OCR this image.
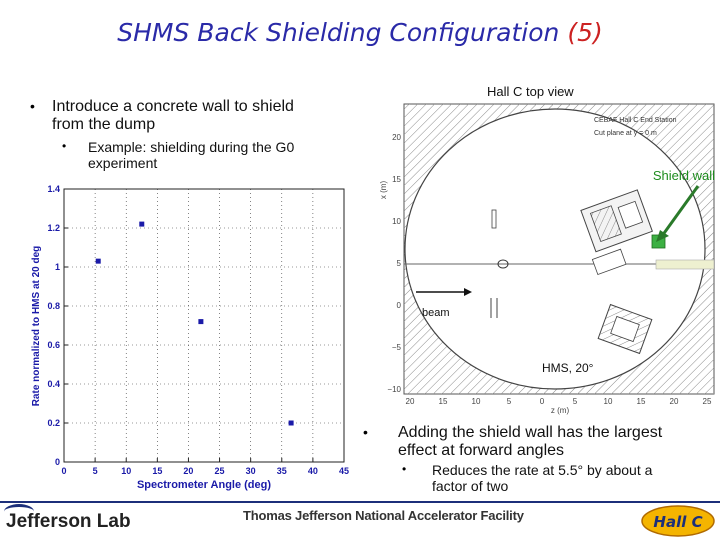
SHMS Back Shielding Configuration (5)
• Introduce a concrete wall to shield
from the dump
• Example: shielding during the G0
experiment
0	5	10 15 20 25 30 35 40 45
0
0.2
0.4
0.6
0.8
1
1.2
1.4
Spectrometer Angle (deg)
Rate normalized to HMS at 20 deg
Hall C top view
20
15
10
5
0
−5
−10
20	15	10	5	0	5	10	15	20	25
x (m)
z (m)
CEBAF Hall C End Station
Cut plane at y = 0 m
beam
Shield wall
HMS, 20°
• Adding the shield wall has the largest
effect at forward angles
• Reduces the rate at 5.5° by about a
factor of two
Jefferson Lab	Thomas Jefferson National Accelerator Facility	Hall C
